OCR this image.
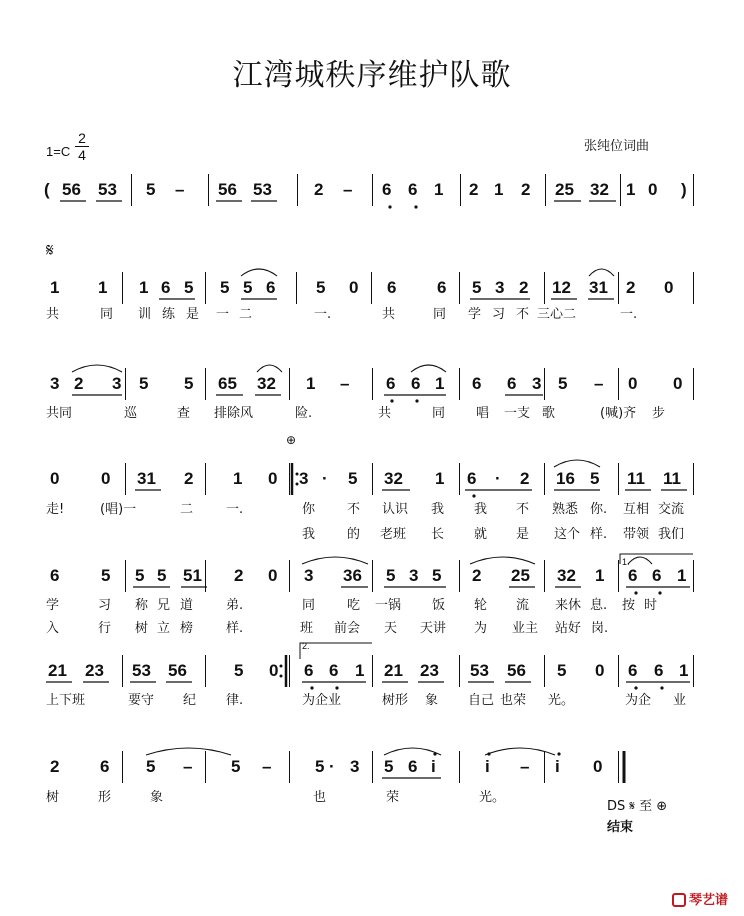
江湾城秩序维护队歌
1=C
2
4
张纯位词曲
𝄋
⊕
1.
2.
DS 𝄋 至 ⊕
结束
( 56 53 5 – 56 53 2 – 6 6 1 2 1 2 25 32 1 0 )
1 1 1 6 5 5 5 6 5 0 6 6 5 3 2 12 31 2 0
共	同 训 练 是 一 二	一.	共	同 学 习 不 三心二	一.
3 2 3 5 5 65 32 1 – 6 6 1 6 6 3 5 – 0 0
共同	巡	查 排除风	险.	共	同 唱 一支 歌	(喊)齐 步
0 0 31 2 1 0 3 · 5 32 1 6 · 2 16 5 11 11
走!	(唱)一	二	一.	你 不 认识 我 我 不 熟悉 你. 互相 交流
我 的 老班 长 就 是 这个 样. 带领 我们
6 5 5 5 51 2 0 3 36 5 3 5 2 25 32 1 6 6 1
学	习 称 兄 道	弟.	同 吃 一锅 饭 轮 流 来休 息. 按 时
入	行 树 立 榜	样.	班 前会 天 天讲 为 业主 站好 岗.
21 23 53 56	5 0 6 6 1 21 23 53 56 5 0 6 6 1
上下班	要守 纪 律.	为企业	树形 象 自己 也荣 光。	为企 业
2 6 5 – 5 –	5 · 3 5 6 i	i – i 0
树	形	象	也	荣	光。
琴艺谱
